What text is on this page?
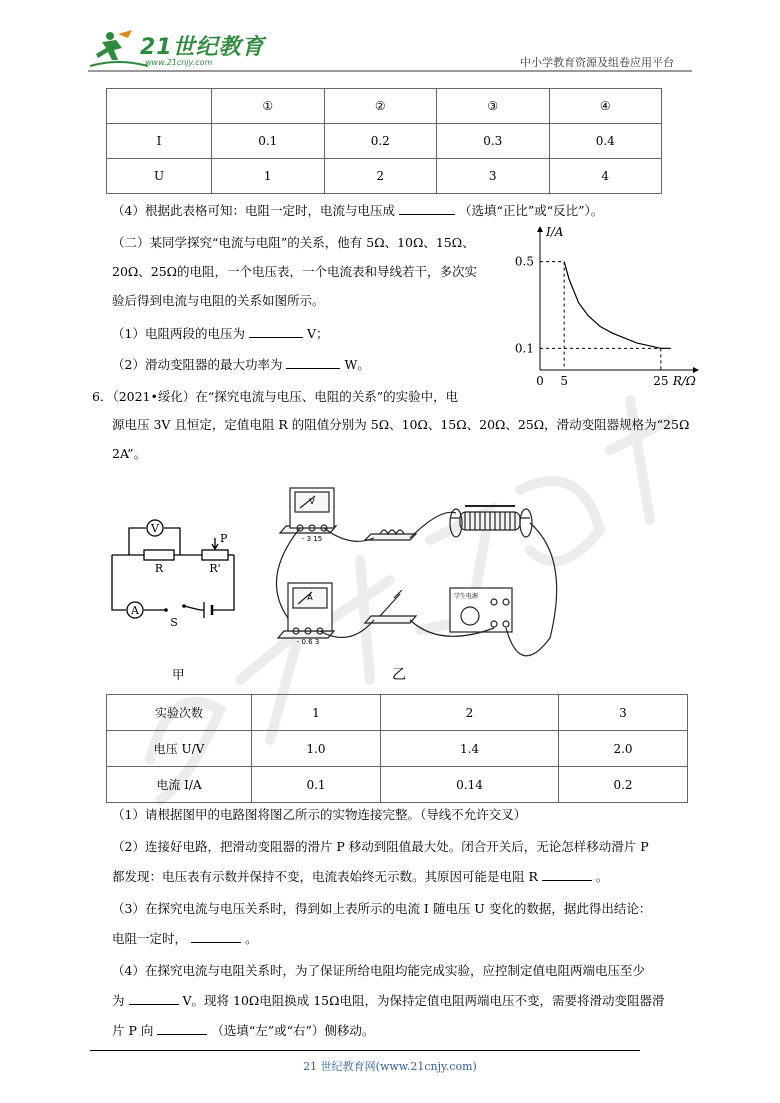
21世纪教育
www.21cnjy.com	中小学教育资源及组卷应用平台
	①	②	③	④
I	0.1	0.2	0.3	0.4
U	1	2	3	4
（4）根据此表格可知：电阻一定时，电流与电压成	（选填“正比”或“反比”）。
（二）某同学探究“电流与电阻”的关系，他有 5Ω、10Ω、15Ω、
20Ω、25Ω的电阻，一个电压表，一个电流表和导线若干，多次实
验后得到电流与电阻的关系如图所示。
（1）电阻两段的电压为	V；
（2）滑动变阻器的最大功率为	W。
I/A
R/Ω
0.5
0.1
0 5	25
6．（2021•绥化）在“探究电流与电压、电阻的关系”的实验中，电
源电压 3V 且恒定，定值电阻 R 的阻值分别为 5Ω、10Ω、15Ω、20Ω、25Ω，滑动变阻器规格为“25Ω
2A”。
A
V
R	R'
P
S
甲
V
A
- 3 15
- 0.6 3
学生电源
乙
实验次数	1	2	3
电压 U/V	1.0	1.4	2.0
电流 I/A	0.1	0.14	0.2
（1）请根据图甲的电路图将图乙所示的实物连接完整。（导线不允许交叉）
（2）连接好电路，把滑动变阻器的滑片 P 移动到阻值最大处。闭合开关后，无论怎样移动滑片 P
都发现：电压表有示数并保持不变，电流表始终无示数。其原因可能是电阻 R	。
（3）在探究电流与电压关系时，得到如上表所示的电流 I 随电压 U 变化的数据，据此得出结论：
电阻一定时，	。
（4）在探究电流与电阻关系时，为了保证所给电阻均能完成实验，应控制定值电阻两端电压至少
为	V。现将 10Ω电阻换成 15Ω电阻，为保持定值电阻两端电压不变，需要将滑动变阻器滑
片 P 向	（选填“左”或“右”）侧移动。
21 世纪教育网(www.21cnjy.com)
